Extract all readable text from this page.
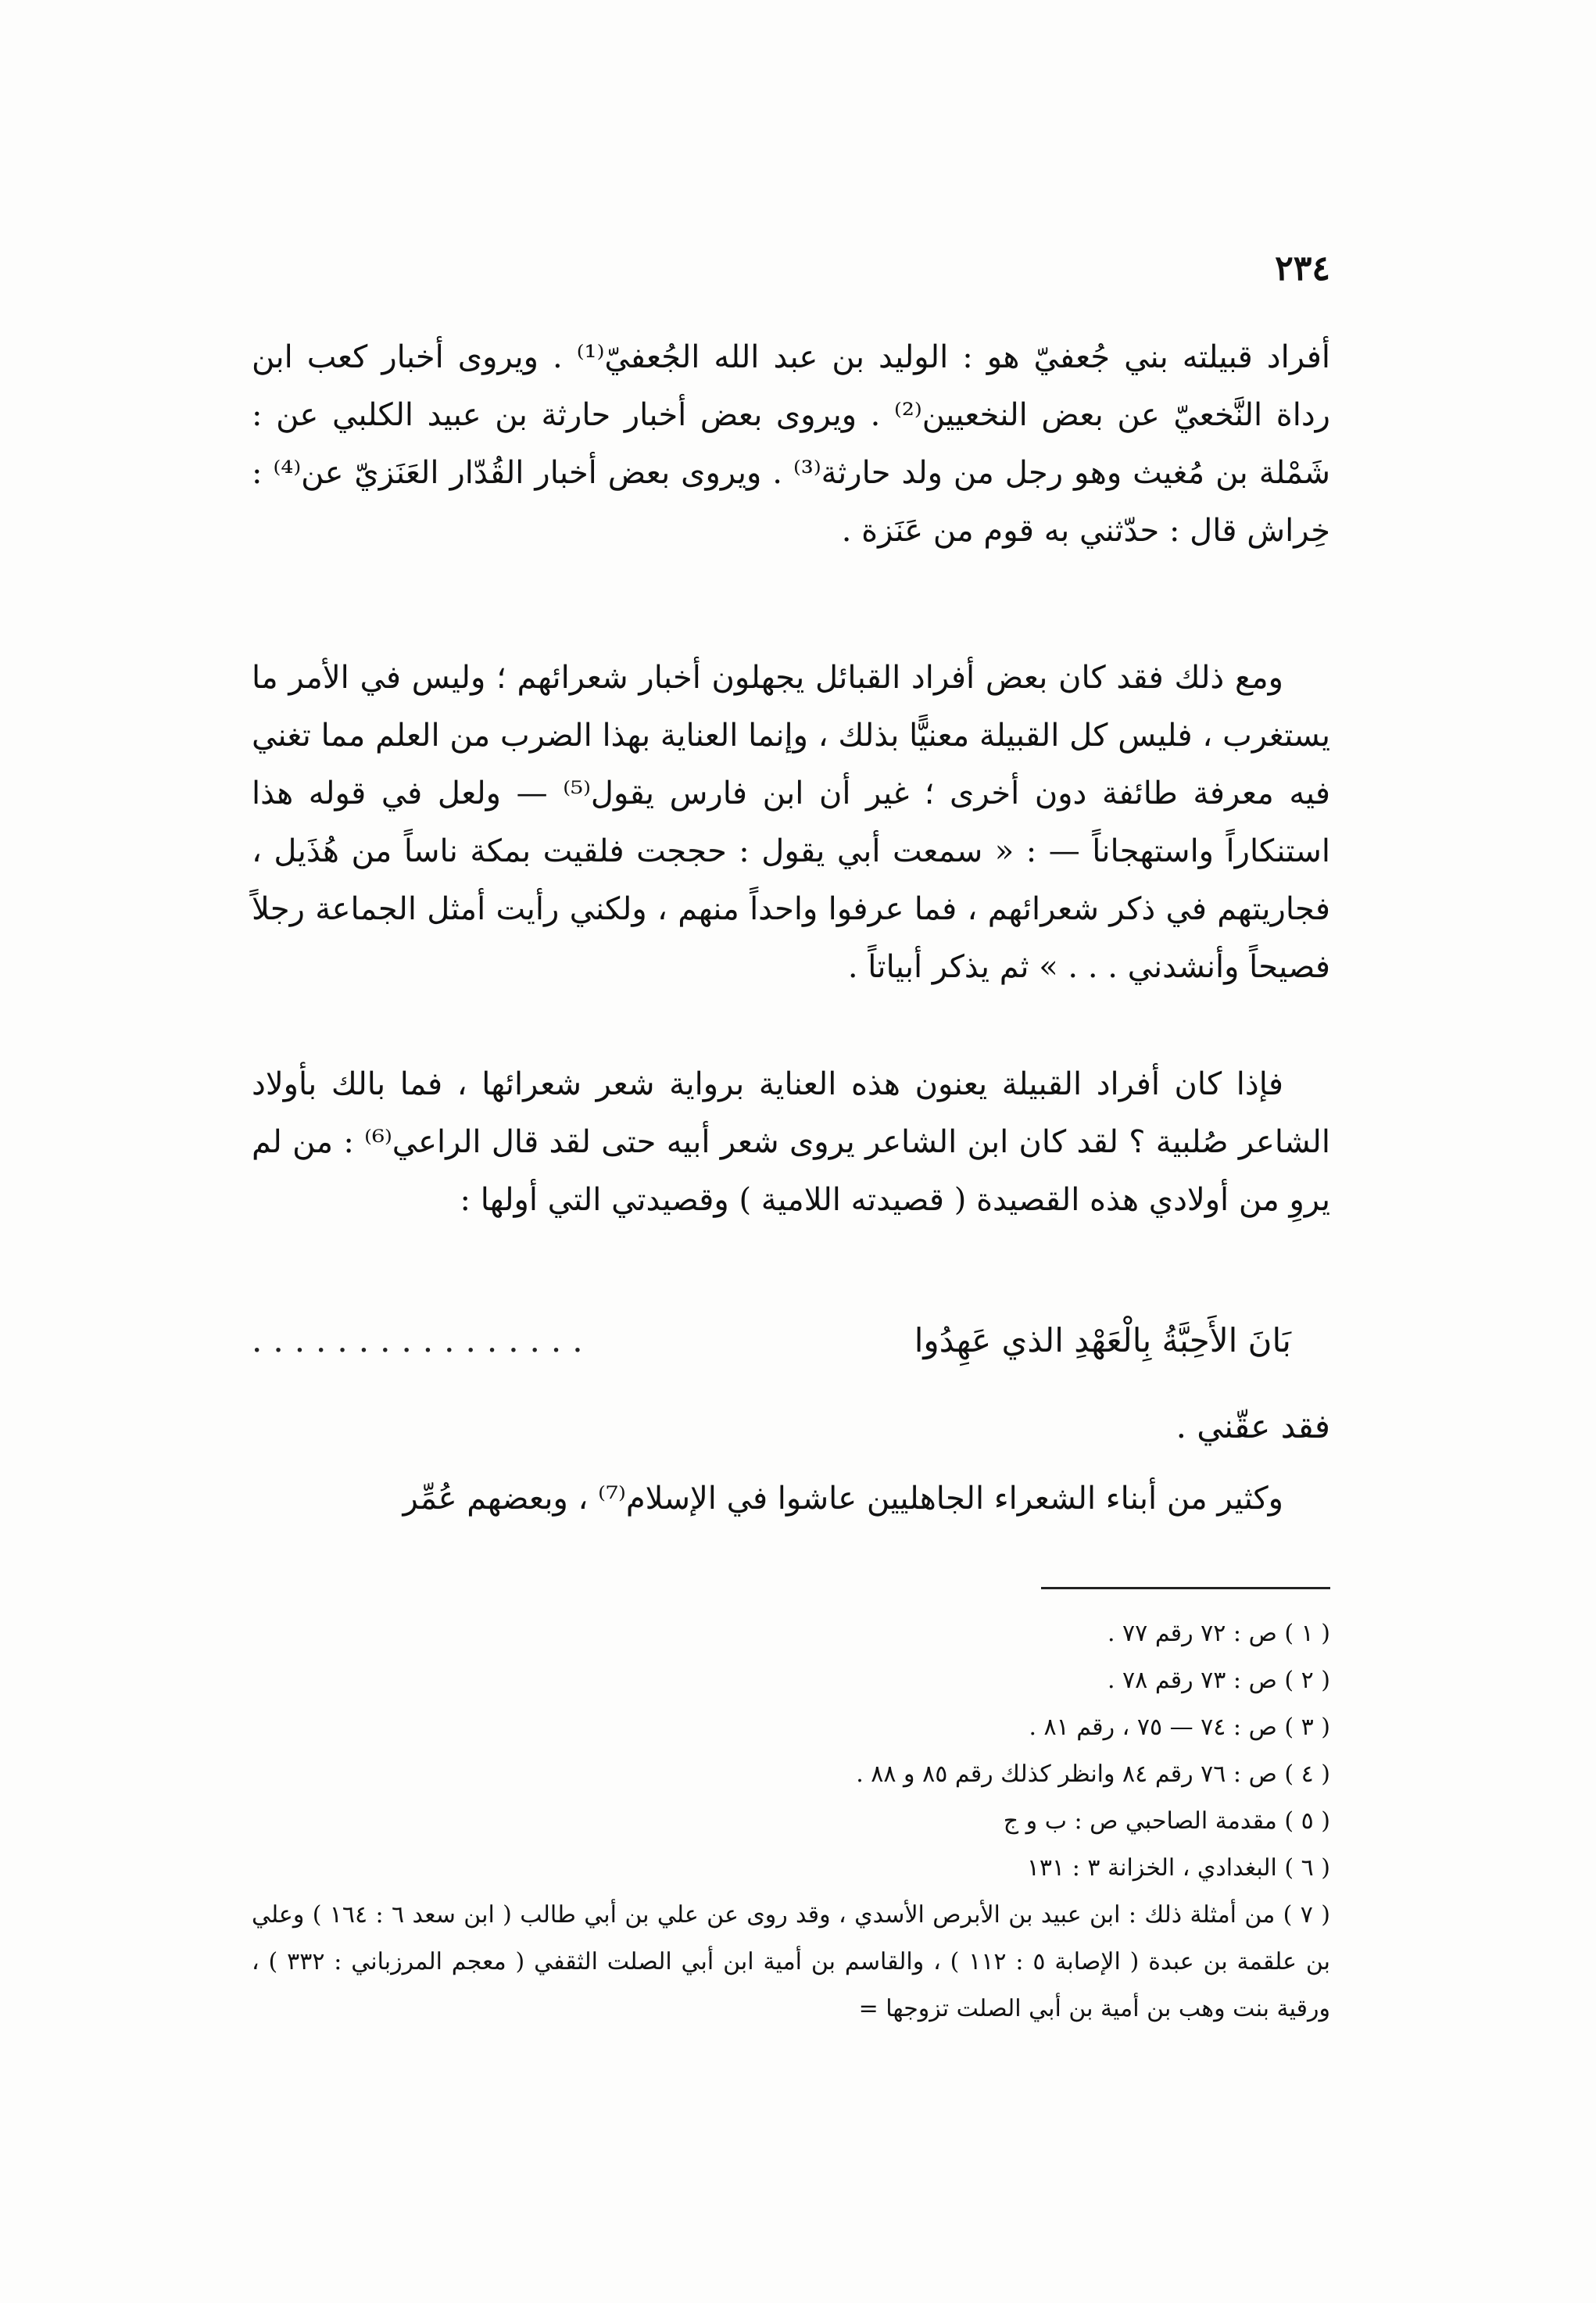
٢٣٤

أفراد قبيلته بني جُعفيّ هو : الوليد بن عبد الله الجُعفيّ⁽¹⁾ . ويروى أخبار كعب ابن رداة النَّخعيّ عن بعض النخعيين⁽²⁾ . ويروى بعض أخبار حارثة بن عبيد الكلبي عن : شَمْلة بن مُغيث وهو رجل من ولد حارثة⁽³⁾ . ويروى بعض أخبار القُدّار العَنَزيّ عن⁽⁴⁾ : خِراش قال : حدّثني به قوم من عَنَزة .

ومع ذلك فقد كان بعض أفراد القبائل يجهلون أخبار شعرائهم ؛ وليس في الأمر ما يستغرب ، فليس كل القبيلة معنيًّا بذلك ، وإنما العناية بهذا الضرب من العلم مما تغني فيه معرفة طائفة دون أخرى ؛ غير أن ابن فارس يقول⁽⁵⁾ — ولعل في قوله هذا استنكاراً واستهجاناً — : « سمعت أبي يقول : حججت فلقيت بمكة ناساً من هُذَيل ، فجاريتهم في ذكر شعرائهم ، فما عرفوا واحداً منهم ، ولكني رأيت أمثل الجماعة رجلاً فصيحاً وأنشدني . . . » ثم يذكر أبياتاً .

فإذا كان أفراد القبيلة يعنون هذه العناية برواية شعر شعرائها ، فما بالك بأولاد الشاعر صُلبية ؟ لقد كان ابن الشاعر يروى شعر أبيه حتى لقد قال الراعي⁽⁶⁾ : من لم يروِ من أولادي هذه القصيدة ( قصيدته اللامية ) وقصيدتي التي أولها :

بَانَ الأَحِبَّةُ بِالْعَهْدِ الذي عَهِدُوا
................
فقد عقّني .

وكثير من أبناء الشعراء الجاهليين عاشوا في الإسلام⁽⁷⁾ ، وبعضهم عُمِّر

( ١ ) ص : ٧٢ رقم ٧٧ .

( ٢ ) ص : ٧٣ رقم ٧٨ .

( ٣ ) ص : ٧٤ — ٧٥ ، رقم ٨١ .

( ٤ ) ص : ٧٦ رقم ٨٤ وانظر كذلك رقم ٨٥ و ٨٨ .

( ٥ ) مقدمة الصاحبي ص : ب و ج

( ٦ ) البغدادي ، الخزانة ٣ : ١٣١

( ٧ ) من أمثلة ذلك : ابن عبيد بن الأبرص الأسدي ، وقد روى عن علي بن أبي طالب ( ابن سعد ٦ : ١٦٤ ) وعلي بن علقمة بن عبدة ( الإصابة ٥ : ١١٢ ) ، والقاسم بن أمية ابن أبي الصلت الثقفي ( معجم المرزباني : ٣٣٢ ) ، ورقية بنت وهب بن أمية بن أبي الصلت تزوجها =
